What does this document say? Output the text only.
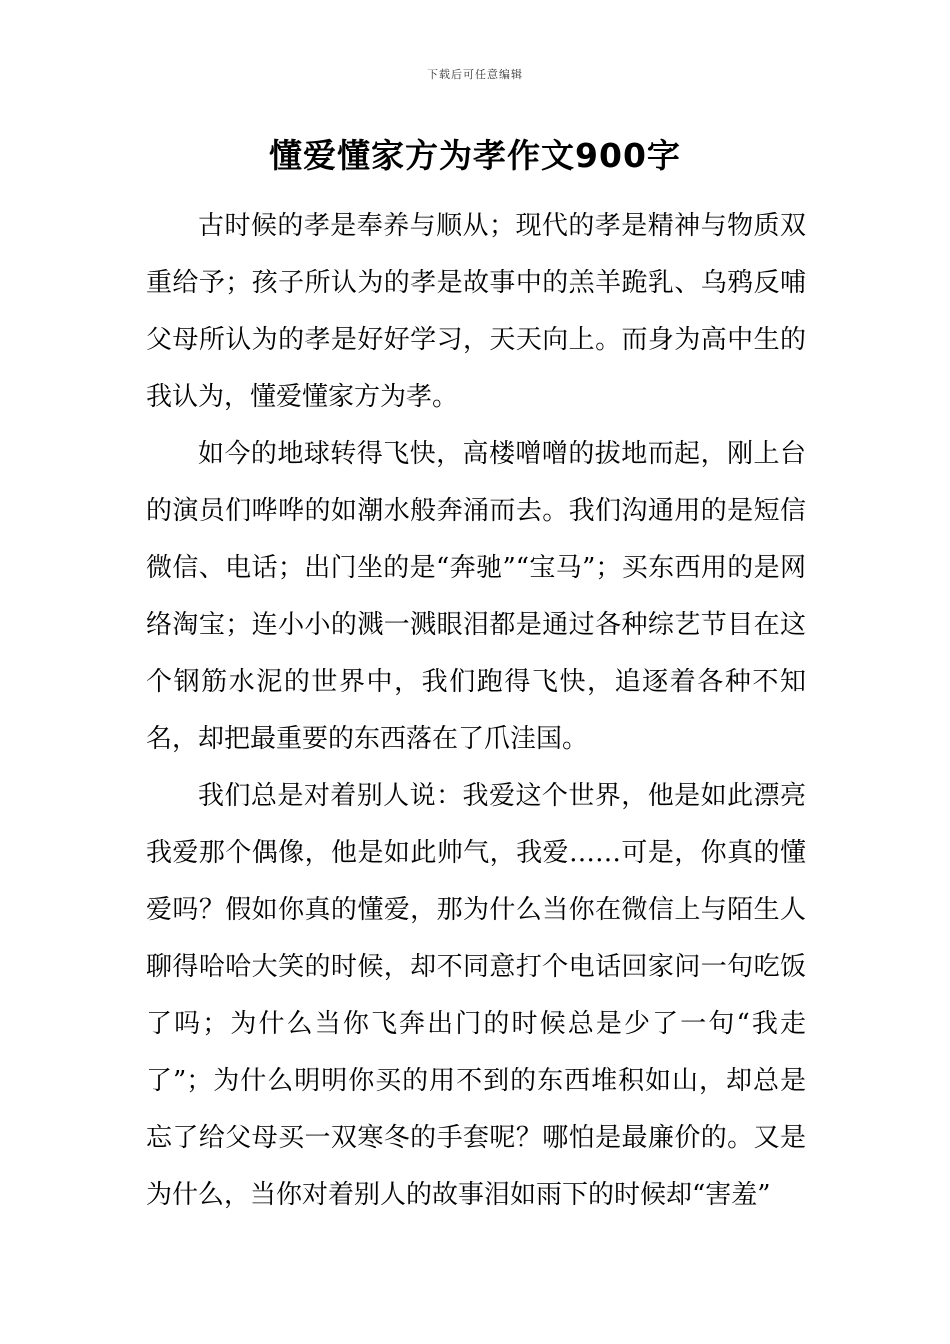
下载后可任意编辑
懂爱懂家方为孝作文900字

古时候的孝是奉养与顺从；现代的孝是精神与物质双重给予；孩子所认为的孝是故事中的羔羊跪乳、乌鸦反哺父母所认为的孝是好好学习，天天向上。而身为高中生的我认为，懂爱懂家方为孝。

如今的地球转得飞快，高楼噌噌的拔地而起，刚上台的演员们哗哗的如潮水般奔涌而去。我们沟通用的是短信微信、电话；出门坐的是“奔驰”“宝马”；买东西用的是网络淘宝；连小小的溅一溅眼泪都是通过各种综艺节目在这个钢筋水泥的世界中，我们跑得飞快，追逐着各种不知名，却把最重要的东西落在了爪洼国。

我们总是对着别人说：我爱这个世界，他是如此漂亮我爱那个偶像，他是如此帅气，我爱……可是，你真的懂爱吗？假如你真的懂爱，那为什么当你在微信上与陌生人聊得哈哈大笑的时候，却不同意打个电话回家问一句吃饭了吗；为什么当你飞奔出门的时候总是少了一句“我走了”；为什么明明你买的用不到的东西堆积如山，却总是忘了给父母买一双寒冬的手套呢？哪怕是最廉价的。又是为什么，当你对着别人的故事泪如雨下的时候却“害羞”
